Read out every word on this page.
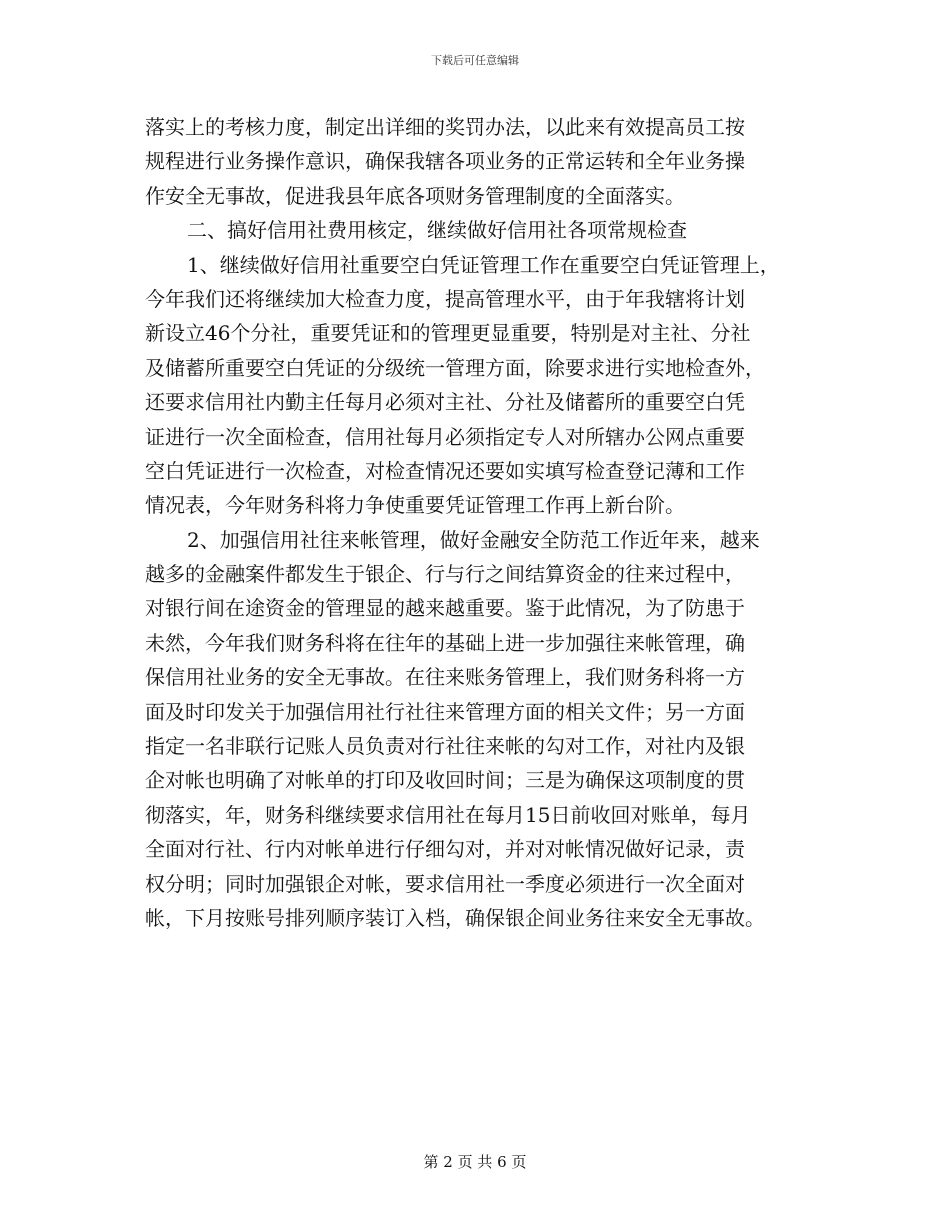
下载后可任意编辑
落实上的考核力度，制定出详细的奖罚办法，以此来有效提高员工按
规程进行业务操作意识，确保我辖各项业务的正常运转和全年业务操
作安全无事故，促进我县年底各项财务管理制度的全面落实。
二、搞好信用社费用核定，继续做好信用社各项常规检查
1、继续做好信用社重要空白凭证管理工作在重要空白凭证管理上，
今年我们还将继续加大检查力度，提高管理水平，由于年我辖将计划
新设立46个分社，重要凭证和的管理更显重要，特别是对主社、分社
及储蓄所重要空白凭证的分级统一管理方面，除要求进行实地检查外，
还要求信用社内勤主任每月必须对主社、分社及储蓄所的重要空白凭
证进行一次全面检查，信用社每月必须指定专人对所辖办公网点重要
空白凭证进行一次检查，对检查情况还要如实填写检查登记薄和工作
情况表，今年财务科将力争使重要凭证管理工作再上新台阶。
2、加强信用社往来帐管理，做好金融安全防范工作近年来，越来
越多的金融案件都发生于银企、行与行之间结算资金的往来过程中，
对银行间在途资金的管理显的越来越重要。鉴于此情况，为了防患于
未然，今年我们财务科将在往年的基础上进一步加强往来帐管理，确
保信用社业务的安全无事故。在往来账务管理上，我们财务科将一方
面及时印发关于加强信用社行社往来管理方面的相关文件；另一方面
指定一名非联行记账人员负责对行社往来帐的勾对工作，对社内及银
企对帐也明确了对帐单的打印及收回时间；三是为确保这项制度的贯
彻落实，年，财务科继续要求信用社在每月15日前收回对账单，每月
全面对行社、行内对帐单进行仔细勾对，并对对帐情况做好记录，责
权分明；同时加强银企对帐，要求信用社一季度必须进行一次全面对
帐，下月按账号排列顺序装订入档，确保银企间业务往来安全无事故。
第 2 页 共 6 页
